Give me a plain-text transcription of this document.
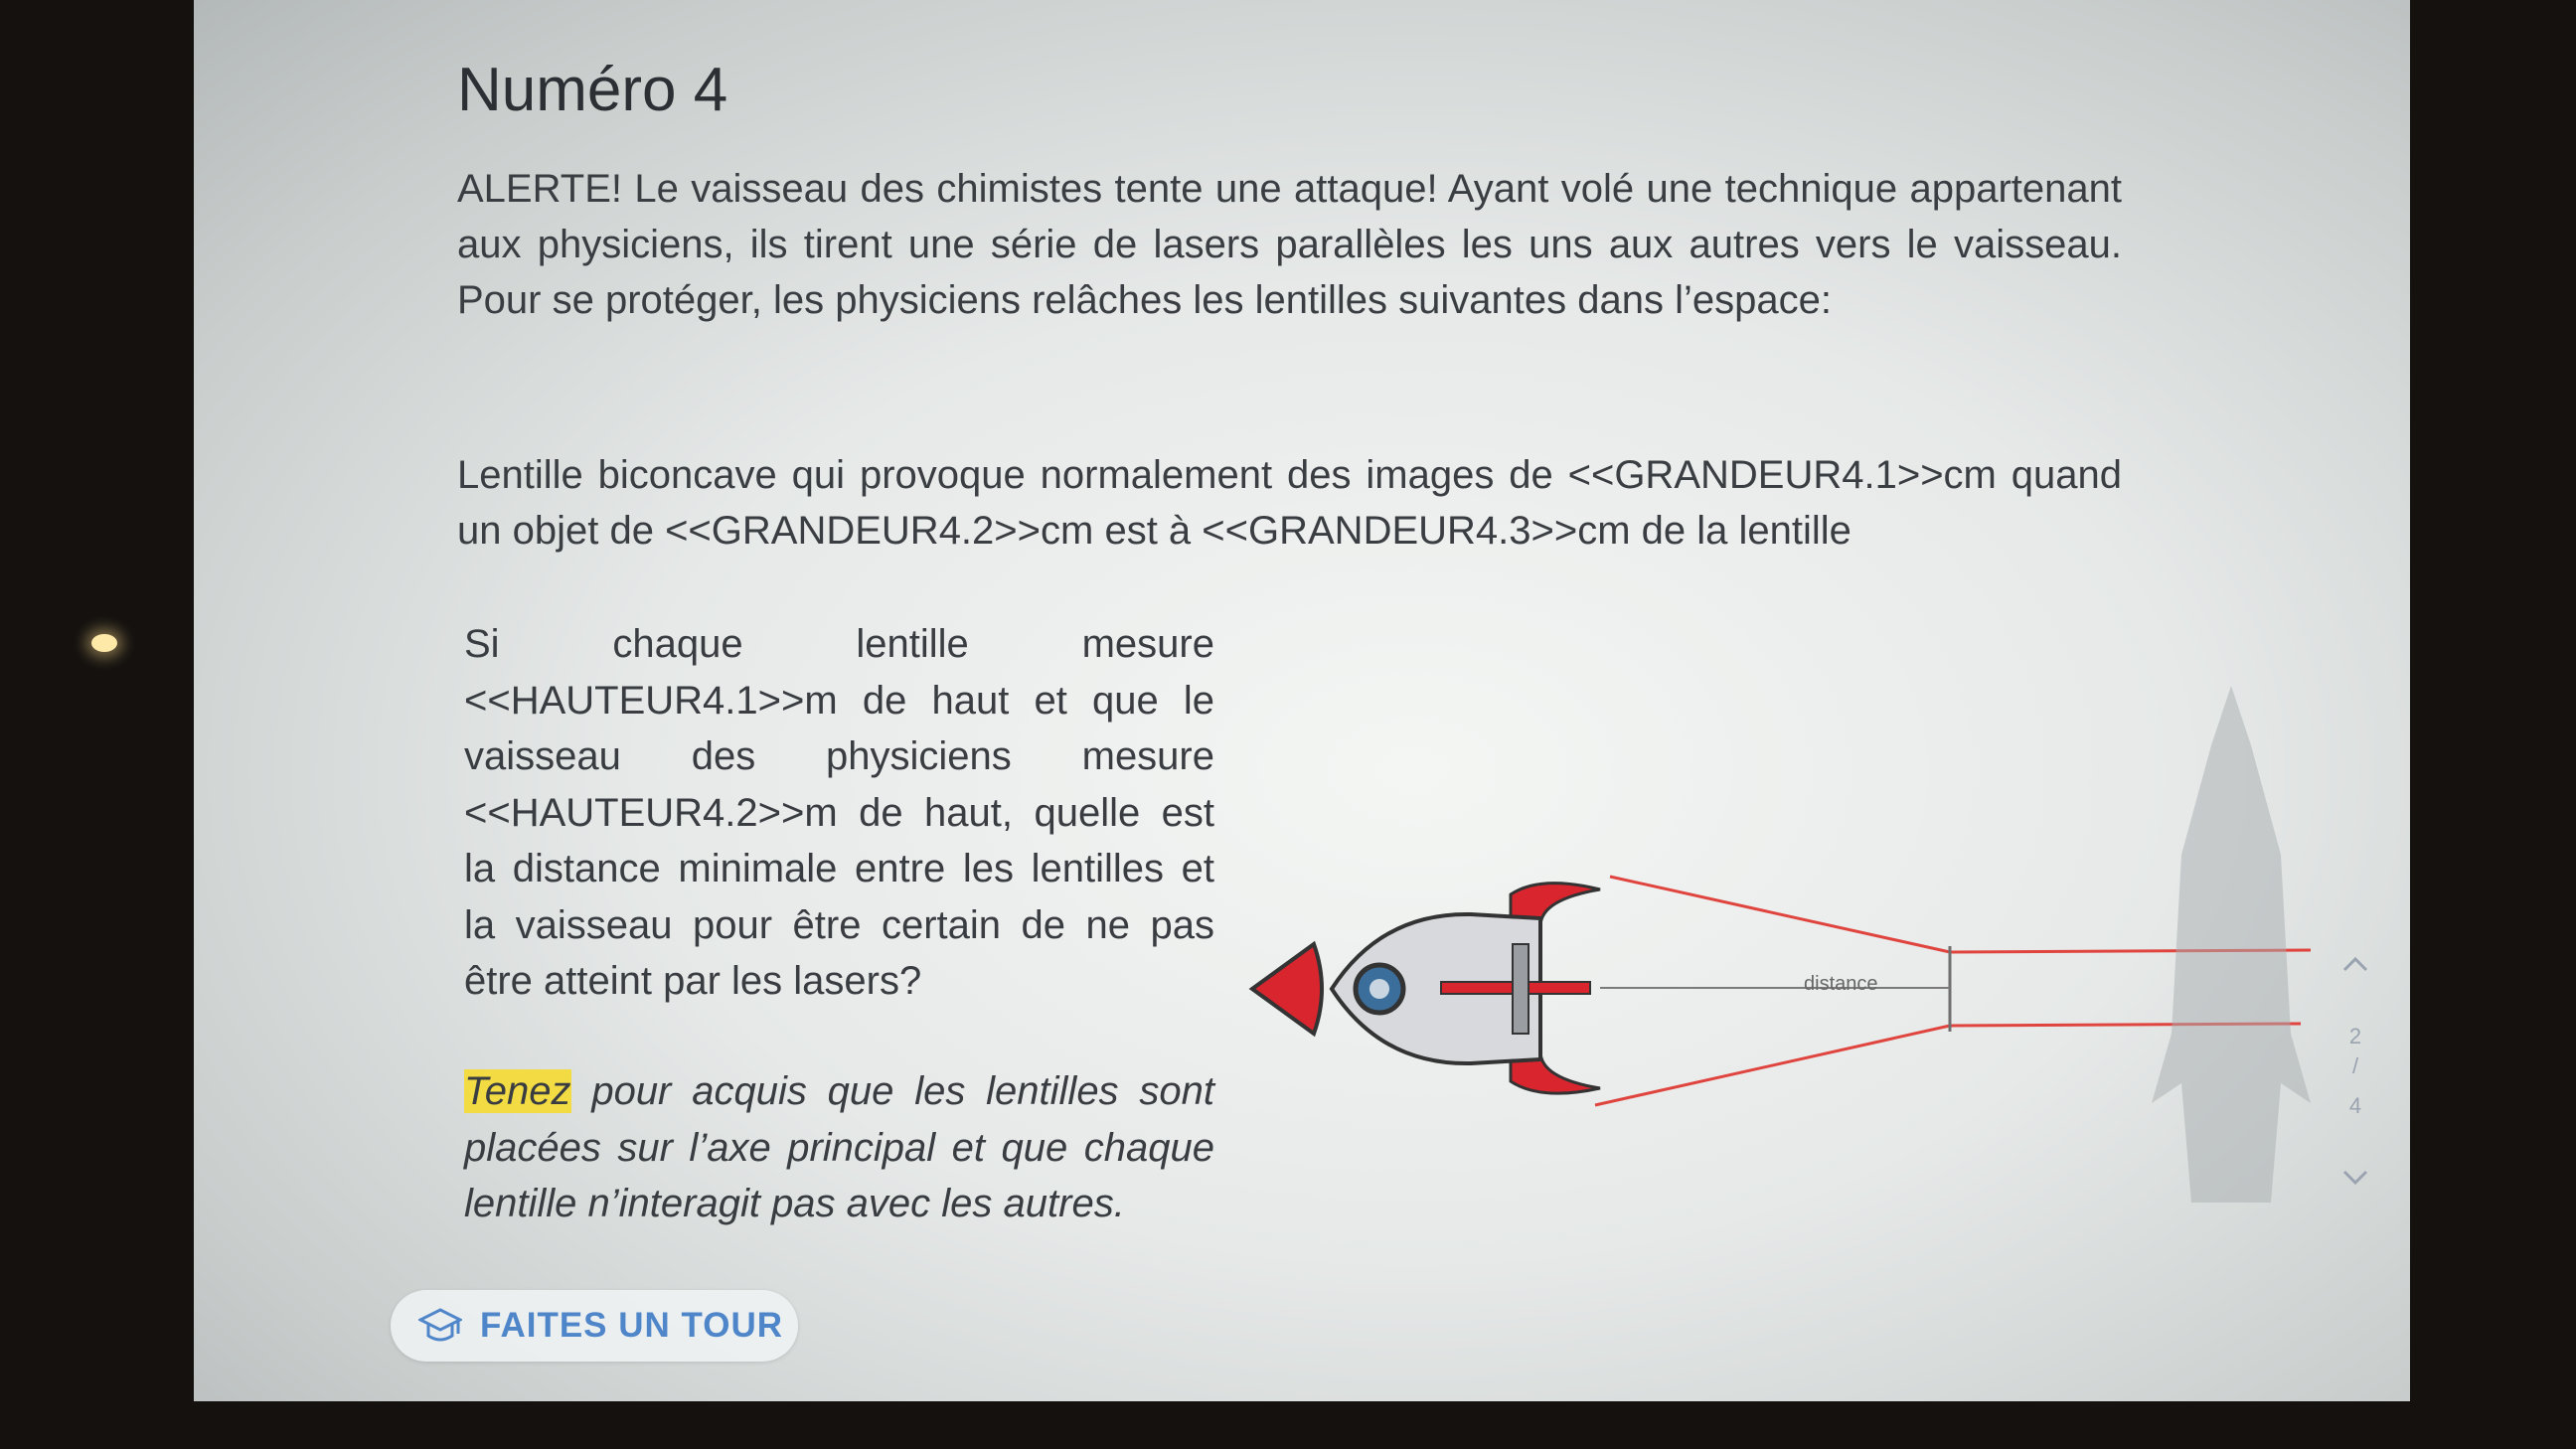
Numéro 4

ALERTE! Le vaisseau des chimistes tente une attaque! Ayant volé une technique appartenant aux physiciens, ils tirent une série de lasers parallèles les uns aux autres vers le vaisseau. Pour se protéger, les physiciens relâches les lentilles suivantes dans l’espace:

Lentille biconcave qui provoque normalement des images de <<GRANDEUR4.1>>cm quand un objet de <<GRANDEUR4.2>>cm est à <<GRANDEUR4.3>>cm de la lentille

Si chaque lentille mesure <<HAUTEUR4.1>>m de haut et que le vaisseau des physiciens mesure <<HAUTEUR4.2>>m de haut, quelle est la distance minimale entre les lentilles et la vaisseau pour être certain de ne pas être atteint par les lasers?

Tenez pour acquis que les lentilles sont placées sur l’axe principal et que chaque lentille n’interagit pas avec les autres.

distance
2
/
4
FAITES UN TOUR
